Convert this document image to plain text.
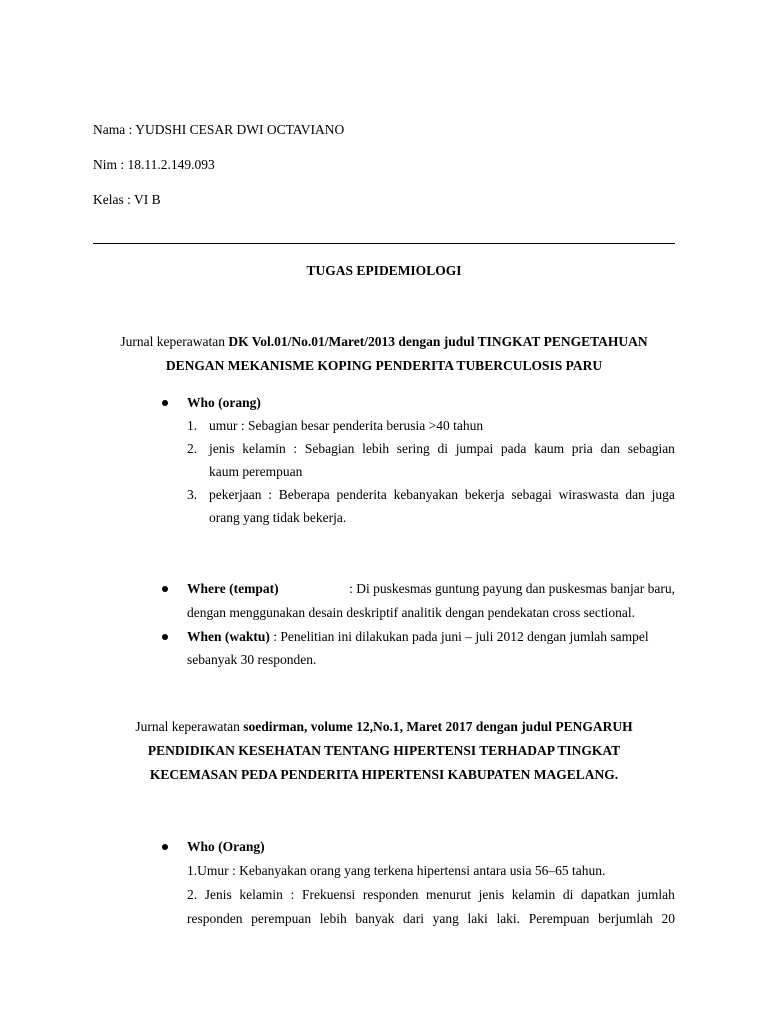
Nama : YUDSHI CESAR DWI OCTAVIANO
Nim : 18.11.2.149.093
Kelas : VI B
TUGAS EPIDEMIOLOGI
Jurnal keperawatan DK Vol.01/No.01/Maret/2013 dengan judul TINGKAT PENGETAHUAN
DENGAN MEKANISME KOPING PENDERITA TUBERCULOSIS PARU
Who (orang)
1. umur : Sebagian besar penderita berusia >40 tahun
2. jenis kelamin : Sebagian lebih sering di jumpai pada kaum pria dan sebagian
kaum perempuan
3. pekerjaan : Beberapa penderita kebanyakan bekerja sebagai wiraswasta dan juga
orang yang tidak bekerja.
Where (tempat)	: Di puskesmas guntung payung dan puskesmas banjar baru,
dengan menggunakan desain deskriptif analitik dengan pendekatan cross sectional.
When (waktu) : Penelitian ini dilakukan pada juni – juli 2012 dengan jumlah sampel
sebanyak 30 responden.
Jurnal keperawatan soedirman, volume 12,No.1, Maret 2017 dengan judul PENGARUH
PENDIDIKAN KESEHATAN TENTANG HIPERTENSI TERHADAP TINGKAT
KECEMASAN PEDA PENDERITA HIPERTENSI KABUPATEN MAGELANG.
Who (Orang)
1.Umur : Kebanyakan orang yang terkena hipertensi antara usia 56–65 tahun.
2. Jenis kelamin : Frekuensi responden menurut jenis kelamin di dapatkan jumlah
responden perempuan lebih banyak dari yang laki laki. Perempuan berjumlah 20
